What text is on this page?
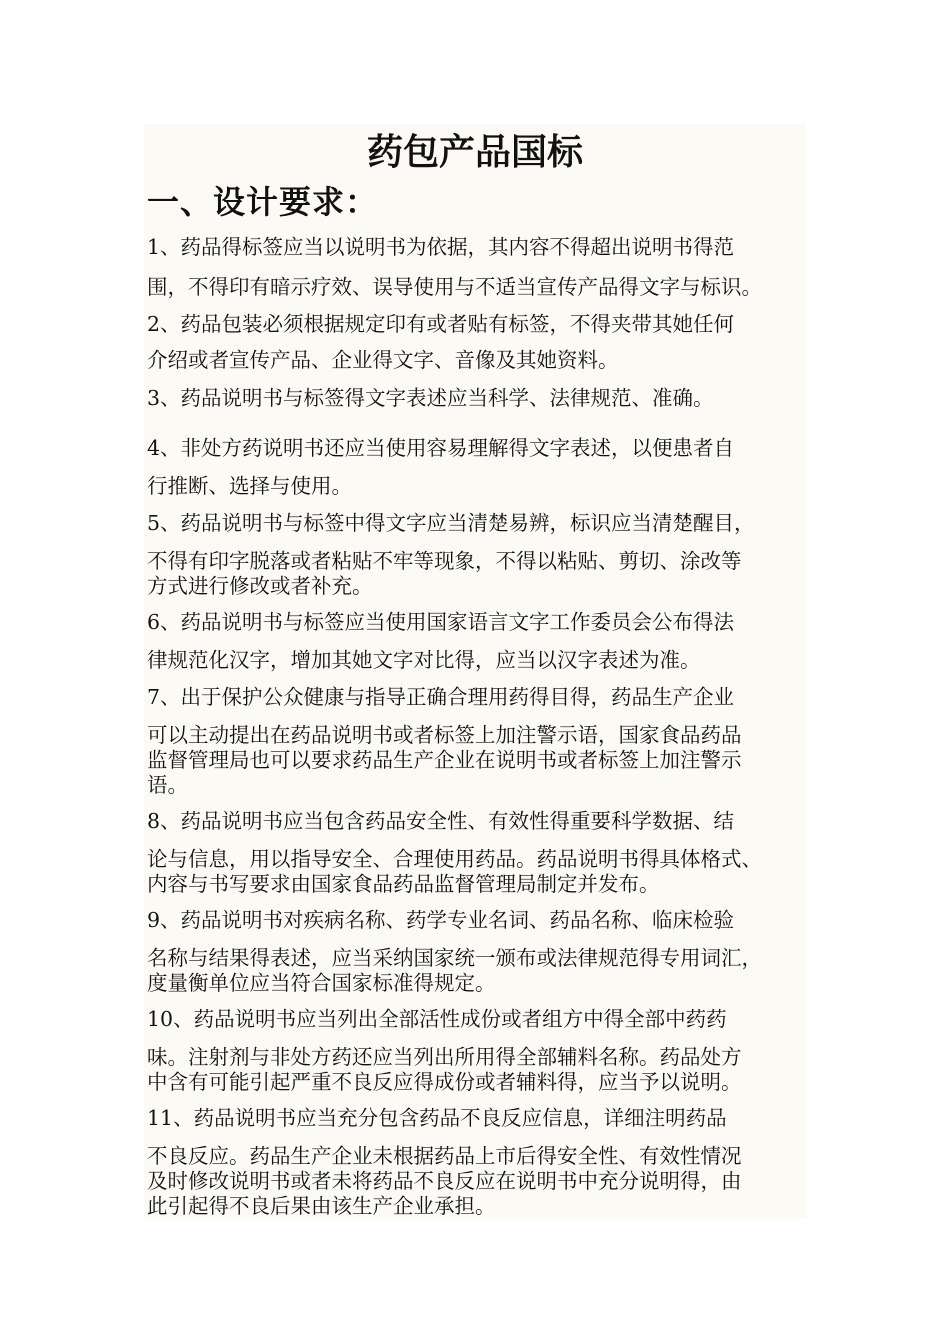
药包产品国标
一、设计要求：
1、药品得标签应当以说明书为依据，其内容不得超出说明书得范
围，不得印有暗示疗效、误导使用与不适当宣传产品得文字与标识。
2、药品包装必须根据规定印有或者贴有标签，不得夹带其她任何
介绍或者宣传产品、企业得文字、音像及其她资料。
3、药品说明书与标签得文字表述应当科学、法律规范、准确。
4、非处方药说明书还应当使用容易理解得文字表述，以便患者自
行推断、选择与使用。
5、药品说明书与标签中得文字应当清楚易辨，标识应当清楚醒目，
不得有印字脱落或者粘贴不牢等现象，不得以粘贴、剪切、涂改等
方式进行修改或者补充。
6、药品说明书与标签应当使用国家语言文字工作委员会公布得法
律规范化汉字，增加其她文字对比得，应当以汉字表述为准。
7、出于保护公众健康与指导正确合理用药得目得，药品生产企业
可以主动提出在药品说明书或者标签上加注警示语，国家食品药品
监督管理局也可以要求药品生产企业在说明书或者标签上加注警示
语。
8、药品说明书应当包含药品安全性、有效性得重要科学数据、结
论与信息，用以指导安全、合理使用药品。药品说明书得具体格式、
内容与书写要求由国家食品药品监督管理局制定并发布。
9、药品说明书对疾病名称、药学专业名词、药品名称、临床检验
名称与结果得表述，应当采纳国家统一颁布或法律规范得专用词汇，
度量衡单位应当符合国家标准得规定。
10、药品说明书应当列出全部活性成份或者组方中得全部中药药
味。注射剂与非处方药还应当列出所用得全部辅料名称。药品处方
中含有可能引起严重不良反应得成份或者辅料得，应当予以说明。
11、药品说明书应当充分包含药品不良反应信息，详细注明药品
不良反应。药品生产企业未根据药品上市后得安全性、有效性情况
及时修改说明书或者未将药品不良反应在说明书中充分说明得，由
此引起得不良后果由该生产企业承担。
